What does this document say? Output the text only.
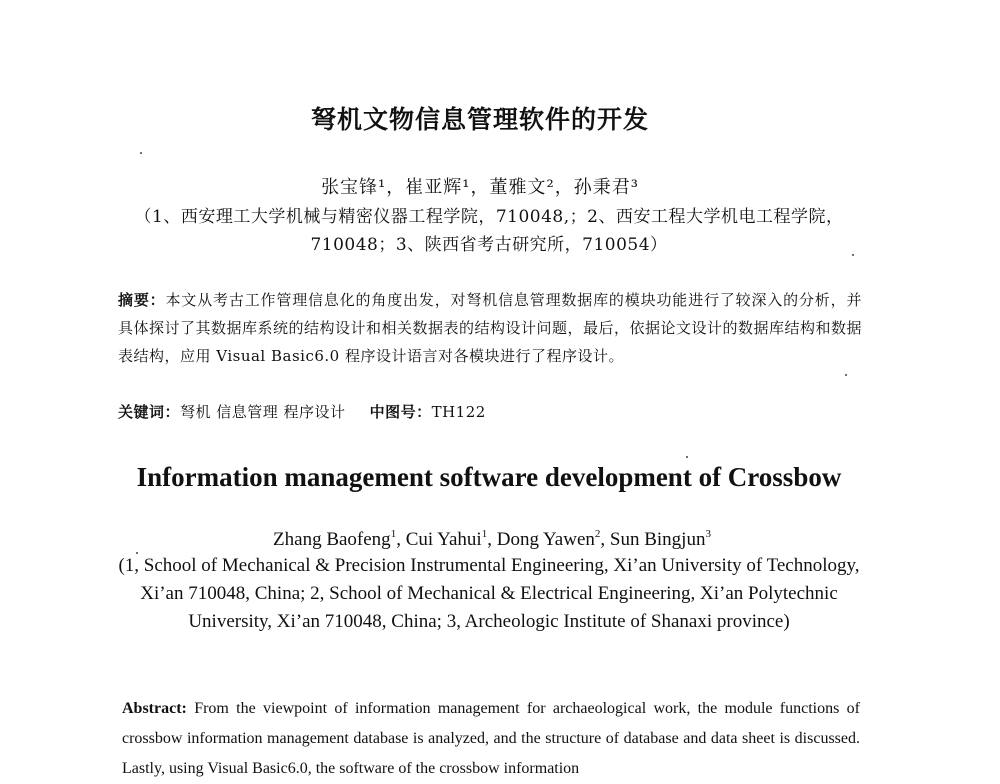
弩机文物信息管理软件的开发
张宝锋¹，崔亚辉¹，董雅文²，孙秉君³
（1、西安理工大学机械与精密仪器工程学院，710048,；2、西安工程大学机电工程学院， 710048；3、陕西省考古研究所，710054）
摘要：本文从考古工作管理信息化的角度出发，对弩机信息管理数据库的模块功能进行了较深入的分析，并具体探讨了其数据库系统的结构设计和相关数据表的结构设计问题，最后，依据论文设计的数据库结构和数据表结构，应用 Visual Basic6.0 程序设计语言对各模块进行了程序设计。
关键词：弩机 信息管理 程序设计 中图号：TH122
Information management software development of Crossbow
Zhang Baofeng$^1$, Cui Yahui$^1$, Dong Yawen$^2$, Sun Bingjun$^3$
(1, School of Mechanical & Precision Instrumental Engineering, Xi’an University of Technology, Xi’an 710048, China; 2, School of Mechanical & Electrical Engineering, Xi’an Polytechnic University, Xi’an 710048, China; 3, Archeologic Institute of Shanaxi province)
Abstract: From the viewpoint of information management for archaeological work, the module functions of crossbow information management database is analyzed, and the structure of database and data sheet is discussed. Lastly, using Visual Basic6.0, the software of the crossbow information
